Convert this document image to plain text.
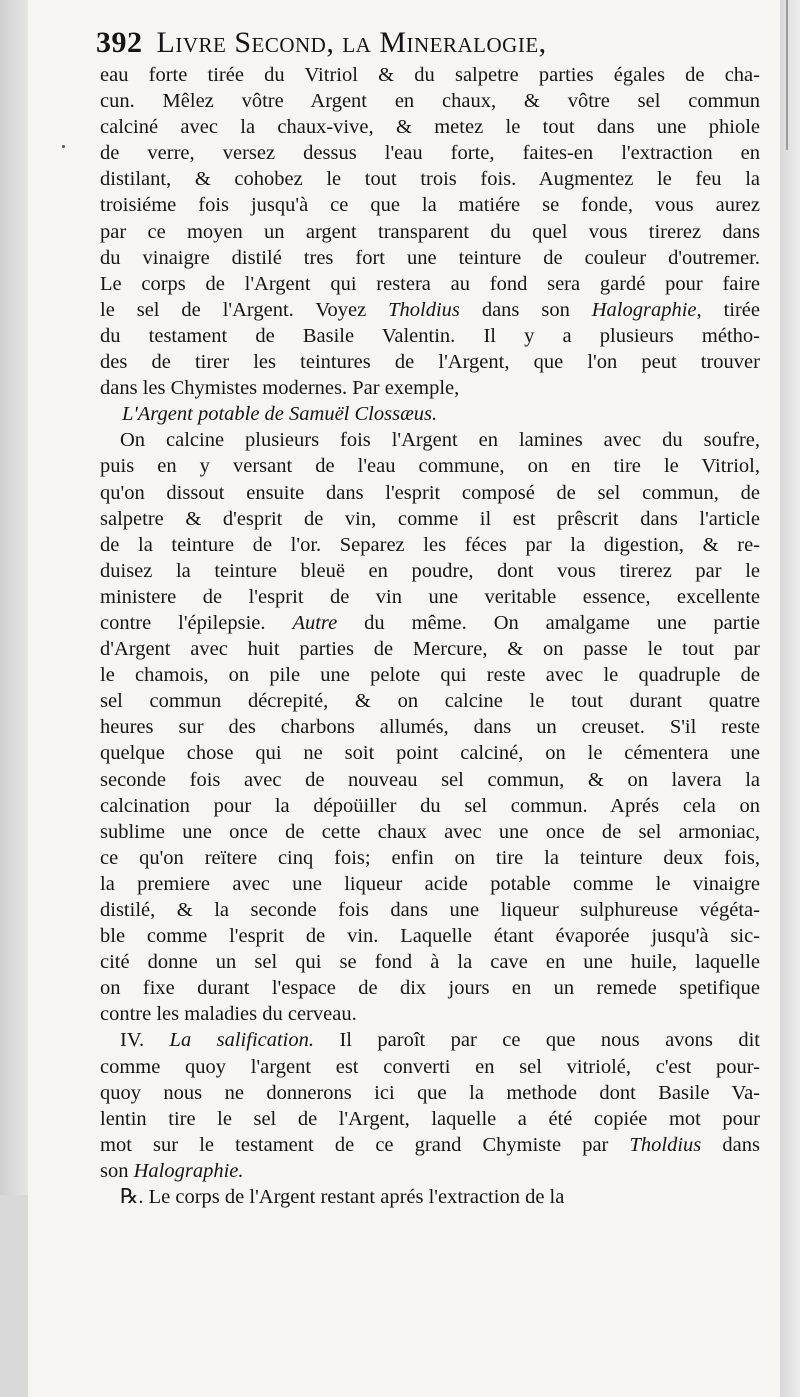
392 Livre Second, la Mineralogie,
eau forte tirée du Vitriol & du salpetre parties égales de cha-
cun. Mêlez vôtre Argent en chaux, & vôtre sel commun
calciné avec la chaux-vive, & metez le tout dans une phiole
de verre, versez dessus l'eau forte, faites-en l'extraction en
distilant, & cohobez le tout trois fois. Augmentez le feu la
troisiéme fois jusqu'à ce que la matiére se fonde, vous aurez
par ce moyen un argent transparent du quel vous tirerez dans
du vinaigre distilé tres fort une teinture de couleur d'outremer.
Le corps de l'Argent qui restera au fond sera gardé pour faire
le sel de l'Argent. Voyez Tholdius dans son Halographie, tirée
du testament de Basile Valentin. Il y a plusieurs métho-
des de tirer les teintures de l'Argent, que l'on peut trouver
dans les Chymistes modernes. Par exemple,
L'Argent potable de Samuël Clossæus.
On calcine plusieurs fois l'Argent en lamines avec du soufre,
puis en y versant de l'eau commune, on en tire le Vitriol,
qu'on dissout ensuite dans l'esprit composé de sel commun, de
salpetre & d'esprit de vin, comme il est prêscrit dans l'article
de la teinture de l'or. Separez les féces par la digestion, & re-
duisez la teinture bleuë en poudre, dont vous tirerez par le
ministere de l'esprit de vin une veritable essence, excellente
contre l'épilepsie. Autre du même. On amalgame une partie
d'Argent avec huit parties de Mercure, & on passe le tout par
le chamois, on pile une pelote qui reste avec le quadruple de
sel commun décrepité, & on calcine le tout durant quatre
heures sur des charbons allumés, dans un creuset. S'il reste
quelque chose qui ne soit point calciné, on le cémentera une
seconde fois avec de nouveau sel commun, & on lavera la
calcination pour la dépoüiller du sel commun. Aprés cela on
sublime une once de cette chaux avec une once de sel armoniac,
ce qu'on reïtere cinq fois; enfin on tire la teinture deux fois,
la premiere avec une liqueur acide potable comme le vinaigre
distilé, & la seconde fois dans une liqueur sulphureuse végéta-
ble comme l'esprit de vin. Laquelle étant évaporée jusqu'à sic-
cité donne un sel qui se fond à la cave en une huile, laquelle
on fixe durant l'espace de dix jours en un remede spetifique
contre les maladies du cerveau.
IV. La salification. Il paroît par ce que nous avons dit
comme quoy l'argent est converti en sel vitriolé, c'est pour-
quoy nous ne donnerons ici que la methode dont Basile Va-
lentin tire le sel de l'Argent, laquelle a été copiée mot pour
mot sur le testament de ce grand Chymiste par Tholdius dans
son Halographie.
℞. Le corps de l'Argent restant aprés l'extraction de la
